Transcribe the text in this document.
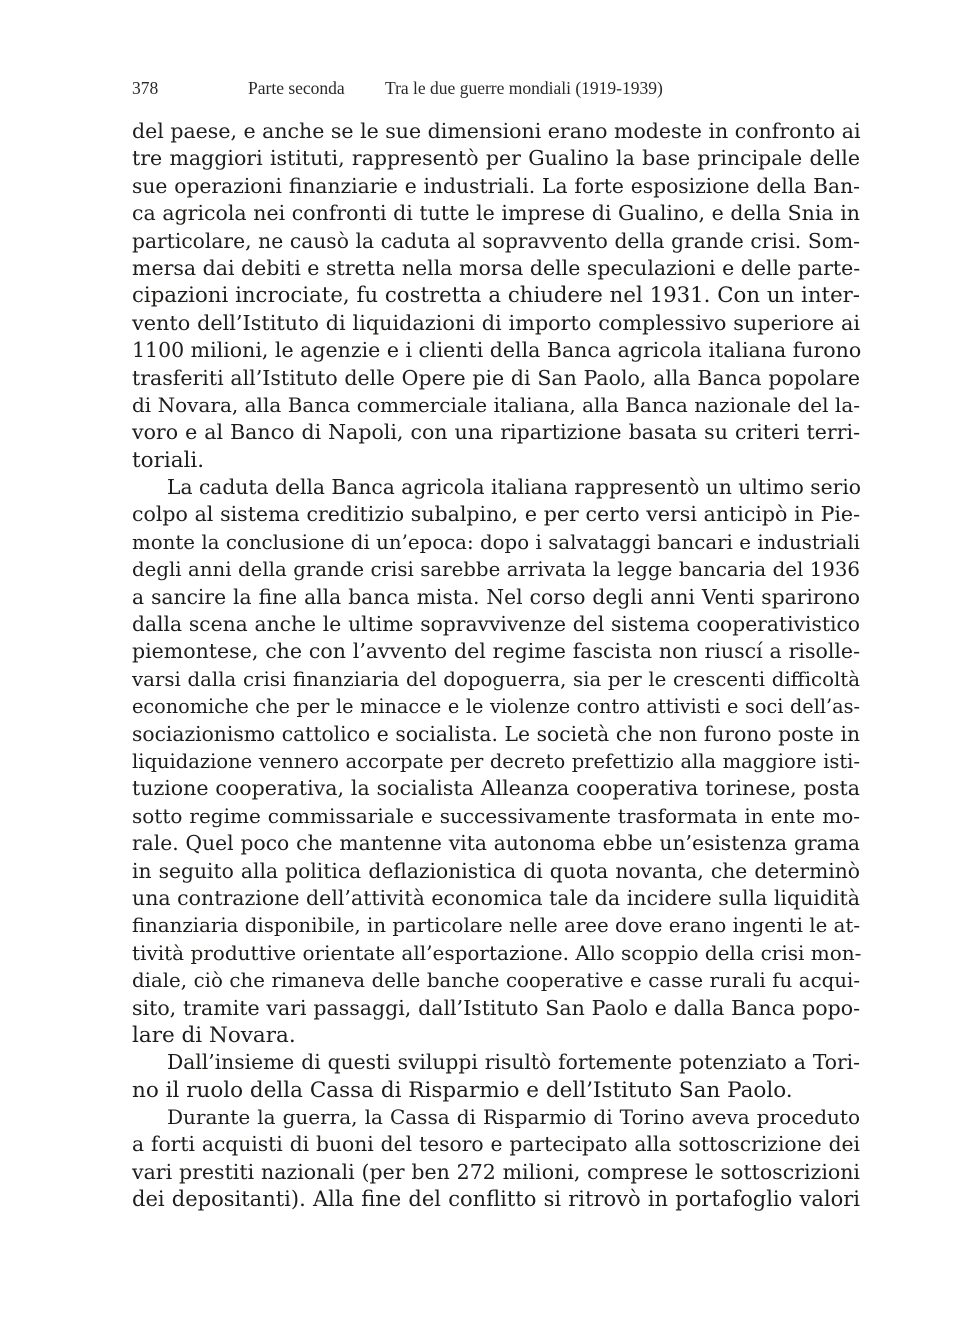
378	Parte seconda Tra le due guerre mondiali (1919-1939)
del paese, e anche se le sue dimensioni erano modeste in confronto ai
tre maggiori istituti, rappresentò per Gualino la base principale delle
sue operazioni finanziarie e industriali. La forte esposizione della Ban-
ca agricola nei confronti di tutte le imprese di Gualino, e della Snia in
particolare, ne causò la caduta al sopravvento della grande crisi. Som-
mersa dai debiti e stretta nella morsa delle speculazioni e delle parte-
cipazioni incrociate, fu costretta a chiudere nel 1931. Con un inter-
vento dell’Istituto di liquidazioni di importo complessivo superiore ai
1100 milioni, le agenzie e i clienti della Banca agricola italiana furono
trasferiti all’Istituto delle Opere pie di San Paolo, alla Banca popolare
di Novara, alla Banca commerciale italiana, alla Banca nazionale del la-
voro e al Banco di Napoli, con una ripartizione basata su criteri terri-
toriali.
La caduta della Banca agricola italiana rappresentò un ultimo serio
colpo al sistema creditizio subalpino, e per certo versi anticipò in Pie-
monte la conclusione di un’epoca: dopo i salvataggi bancari e industriali
degli anni della grande crisi sarebbe arrivata la legge bancaria del 1936
a sancire la fine alla banca mista. Nel corso degli anni Venti sparirono
dalla scena anche le ultime sopravvivenze del sistema cooperativistico
piemontese, che con l’avvento del regime fascista non riuscí a risolle-
varsi dalla crisi finanziaria del dopoguerra, sia per le crescenti difficoltà
economiche che per le minacce e le violenze contro attivisti e soci dell’as-
sociazionismo cattolico e socialista. Le società che non furono poste in
liquidazione vennero accorpate per decreto prefettizio alla maggiore isti-
tuzione cooperativa, la socialista Alleanza cooperativa torinese, posta
sotto regime commissariale e successivamente trasformata in ente mo-
rale. Quel poco che mantenne vita autonoma ebbe un’esistenza grama
in seguito alla politica deflazionistica di quota novanta, che determinò
una contrazione dell’attività economica tale da incidere sulla liquidità
finanziaria disponibile, in particolare nelle aree dove erano ingenti le at-
tività produttive orientate all’esportazione. Allo scoppio della crisi mon-
diale, ciò che rimaneva delle banche cooperative e casse rurali fu acqui-
sito, tramite vari passaggi, dall’Istituto San Paolo e dalla Banca popo-
lare di Novara.
Dall’insieme di questi sviluppi risultò fortemente potenziato a Tori-
no il ruolo della Cassa di Risparmio e dell’Istituto San Paolo.
Durante la guerra, la Cassa di Risparmio di Torino aveva proceduto
a forti acquisti di buoni del tesoro e partecipato alla sottoscrizione dei
vari prestiti nazionali (per ben 272 milioni, comprese le sottoscrizioni
dei depositanti). Alla fine del conflitto si ritrovò in portafoglio valori
